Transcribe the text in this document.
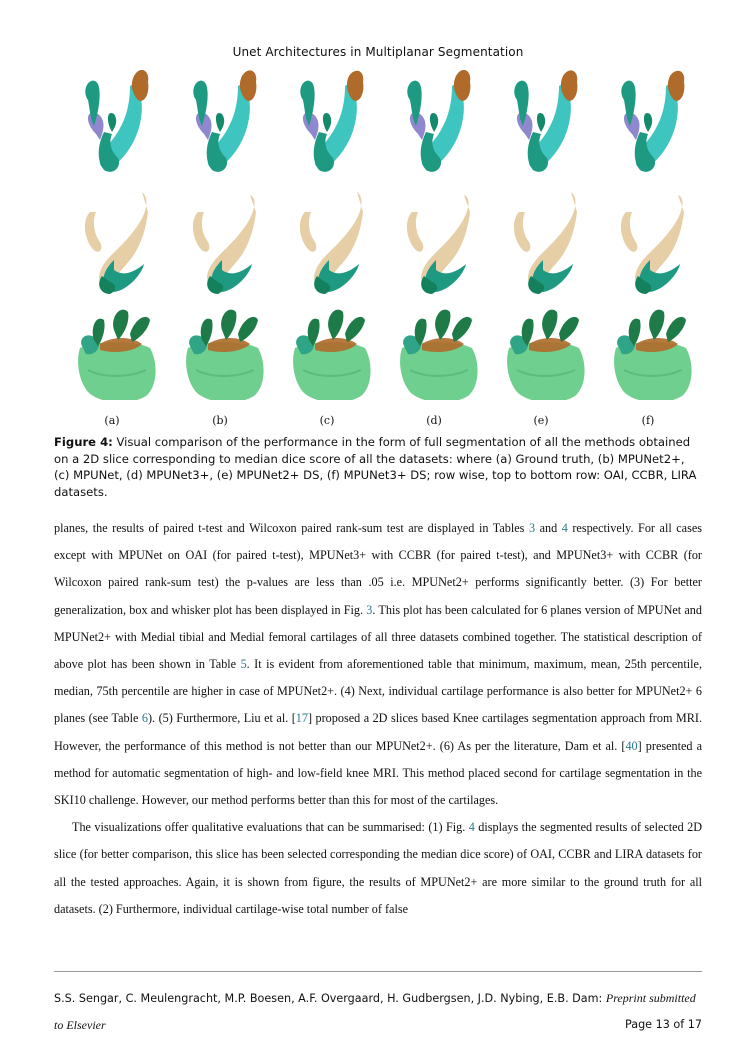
Unet Architectures in Multiplanar Segmentation
(a)	(b)	(c)	(d)	(e)	(f)
Figure 4: Visual comparison of the performance in the form of full segmentation of all the methods obtained on a 2D slice corresponding to median dice score of all the datasets: where (a) Ground truth, (b) MPUNet2+, (c) MPUNet, (d) MPUNet3+, (e) MPUNet2+ DS, (f) MPUNet3+ DS; row wise, top to bottom row: OAI, CCBR, LIRA datasets.

planes, the results of paired t-test and Wilcoxon paired rank-sum test are displayed in Tables 3 and 4 respectively. For all cases except with MPUNet on OAI (for paired t-test), MPUNet3+ with CCBR (for paired t-test), and MPUNet3+ with CCBR (for Wilcoxon paired rank-sum test) the p-values are less than .05 i.e. MPUNet2+ performs significantly better. (3) For better generalization, box and whisker plot has been displayed in Fig. 3. This plot has been calculated for 6 planes version of MPUNet and MPUNet2+ with Medial tibial and Medial femoral cartilages of all three datasets combined together. The statistical description of above plot has been shown in Table 5. It is evident from aforementioned table that minimum, maximum, mean, 25th percentile, median, 75th percentile are higher in case of MPUNet2+. (4) Next, individual cartilage performance is also better for MPUNet2+ 6 planes (see Table 6). (5) Furthermore, Liu et al. [17] proposed a 2D slices based Knee cartilages segmentation approach from MRI. However, the performance of this method is not better than our MPUNet2+. (6) As per the literature, Dam et al. [40] presented a method for automatic segmentation of high- and low-field knee MRI. This method placed second for cartilage segmentation in the SKI10 challenge. However, our method performs better than this for most of the cartilages.

The visualizations offer qualitative evaluations that can be summarised: (1) Fig. 4 displays the segmented results of selected 2D slice (for better comparison, this slice has been selected corresponding the median dice score) of OAI, CCBR and LIRA datasets for all the tested approaches. Again, it is shown from figure, the results of MPUNet2+ are more similar to the ground truth for all datasets. (2) Furthermore, individual cartilage-wise total number of false

S.S. Sengar, C. Meulengracht, M.P. Boesen, A.F. Overgaard, H. Gudbergsen, J.D. Nybing, E.B. Dam: Preprint submitted
to Elsevier	Page 13 of 17
